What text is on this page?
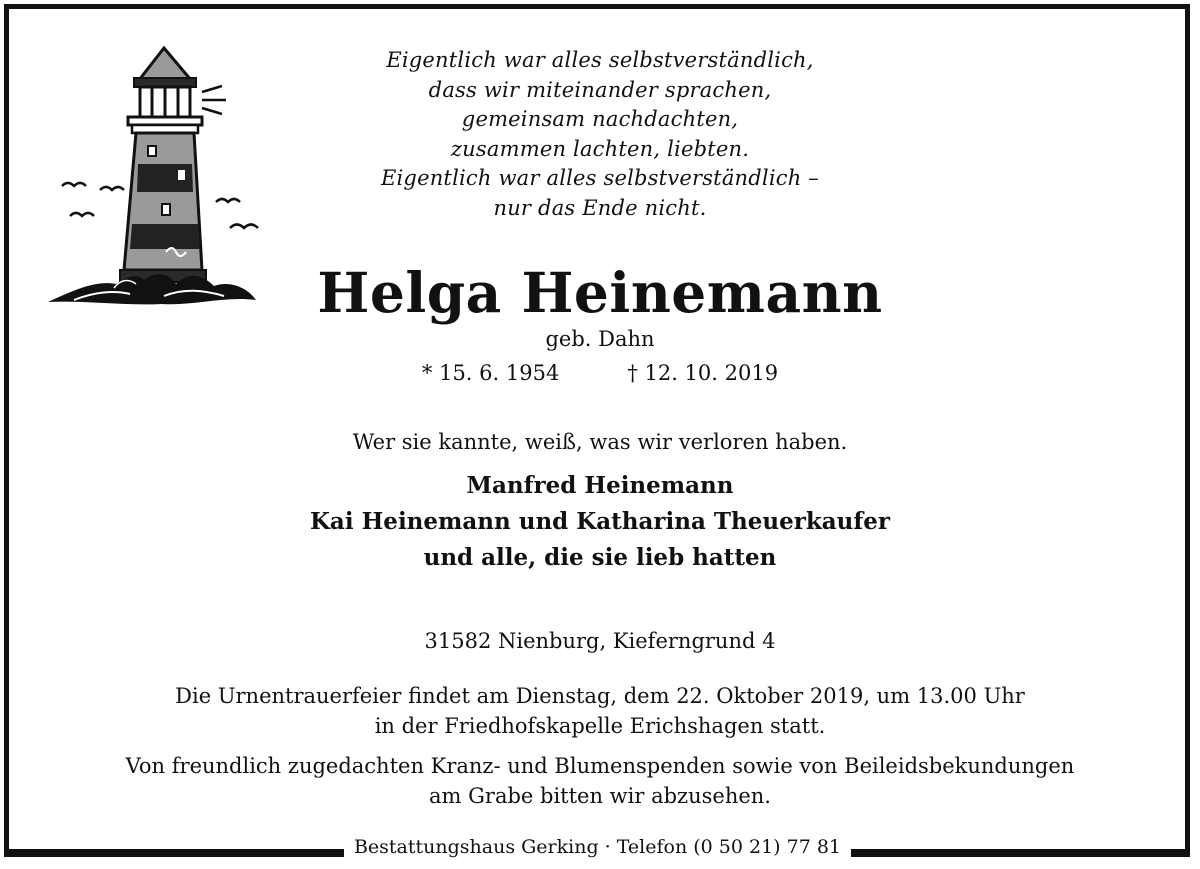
Eigentlich war alles selbstverständlich,
dass wir miteinander sprachen,
gemeinsam nachdachten,
zusammen lachten, liebten.
Eigentlich war alles selbstverständlich –
nur das Ende nicht.
Helga Heinemann
geb. Dahn
* 15. 6. 1954	† 12. 10. 2019
Wer sie kannte, weiß, was wir verloren haben.
Manfred Heinemann
Kai Heinemann und Katharina Theuerkaufer
und alle, die sie lieb hatten
31582 Nienburg, Kieferngrund 4
Die Urnentrauerfeier findet am Dienstag, dem 22. Oktober 2019, um 13.00 Uhr
in der Friedhofskapelle Erichshagen statt.
Von freundlich zugedachten Kranz- und Blumenspenden sowie von Beileidsbekundungen
am Grabe bitten wir abzusehen.
Bestattungshaus Gerking · Telefon (0 50 21) 77 81
